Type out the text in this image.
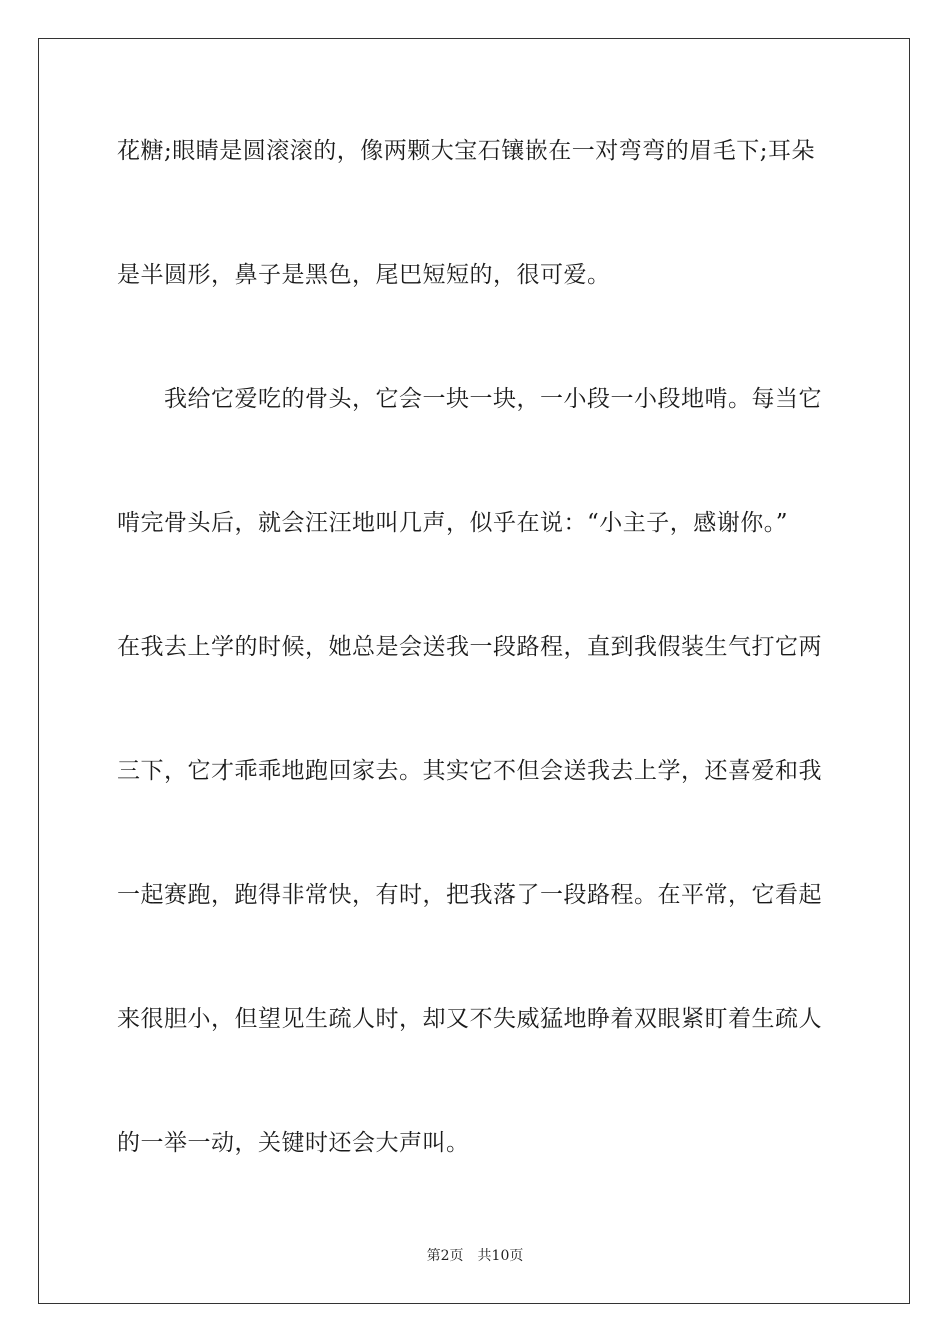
花糖;眼睛是圆滚滚的，像两颗大宝石镶嵌在一对弯弯的眉毛下;耳朵
是半圆形，鼻子是黑色，尾巴短短的，很可爱。
　　我给它爱吃的骨头，它会一块一块，一小段一小段地啃。每当它
啃完骨头后，就会汪汪地叫几声，似乎在说：“小主子，感谢你。”
在我去上学的时候，她总是会送我一段路程，直到我假装生气打它两
三下，它才乖乖地跑回家去。其实它不但会送我去上学，还喜爱和我
一起赛跑，跑得非常快，有时，把我落了一段路程。在平常，它看起
来很胆小，但望见生疏人时，却又不失威猛地睁着双眼紧盯着生疏人
的一举一动，关键时还会大声叫。
第2页 共10页
